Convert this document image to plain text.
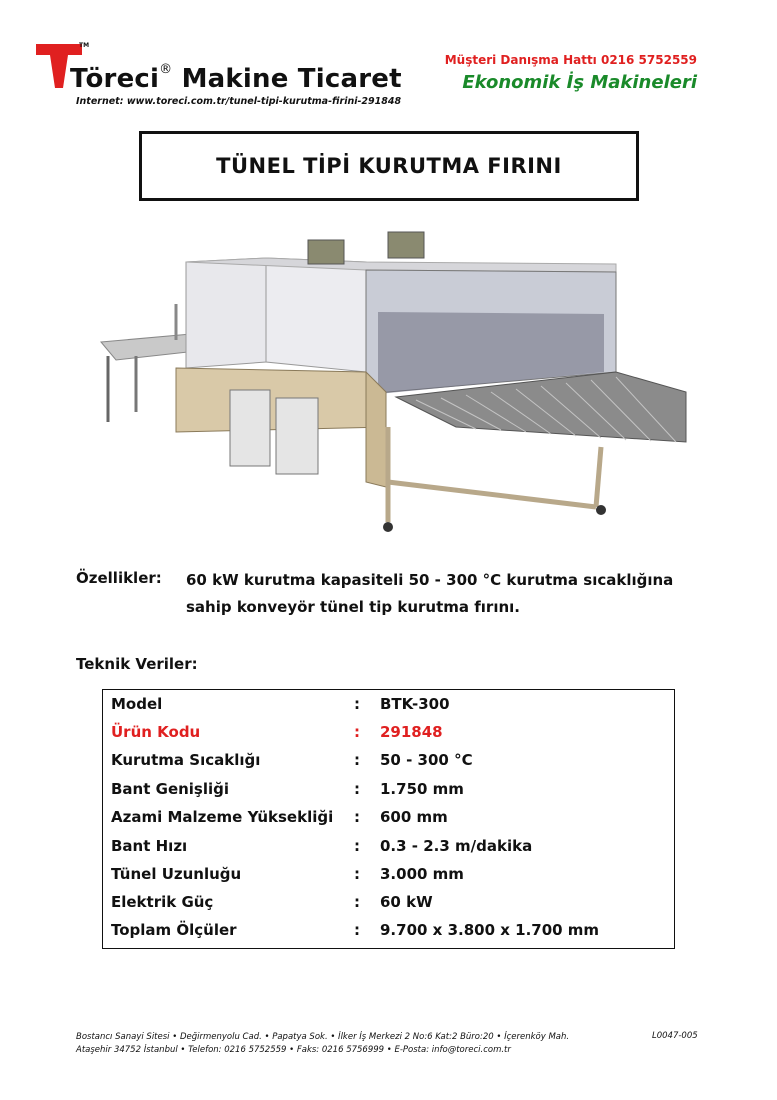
TM
Töreci® Makine Ticaret
Internet: www.toreci.com.tr/tunel-tipi-kurutma-firini-291848
Müşteri Danışma Hattı 0216 5752559
Ekonomik İş Makineleri
TÜNEL TİPİ KURUTMA FIRINI
Özellikler: 60 kW kurutma kapasiteli 50 - 300 °C kurutma sıcaklığına
sahip konveyör tünel tip kurutma fırını.
Teknik Veriler:
Model	: BTK-300
Ürün Kodu	: 291848
Kurutma Sıcaklığı	: 50 - 300 °C
Bant Genişliği	: 1.750 mm
Azami Malzeme Yüksekliği : 600 mm
Bant Hızı	: 0.3 - 2.3 m/dakika
Tünel Uzunluğu	: 3.000 mm
Elektrik Güç	: 60 kW
Toplam Ölçüler	: 9.700 x 3.800 x 1.700 mm
Bostancı Sanayi Sitesi • Değirmenyolu Cad. • Papatya Sok. • İlker İş Merkezi 2 No:6 Kat:2 Büro:20 • İçerenköy Mah.
Ataşehir 34752 İstanbul • Telefon: 0216 5752559 • Faks: 0216 5756999 • E-Posta: info@toreci.com.tr
L0047-005
